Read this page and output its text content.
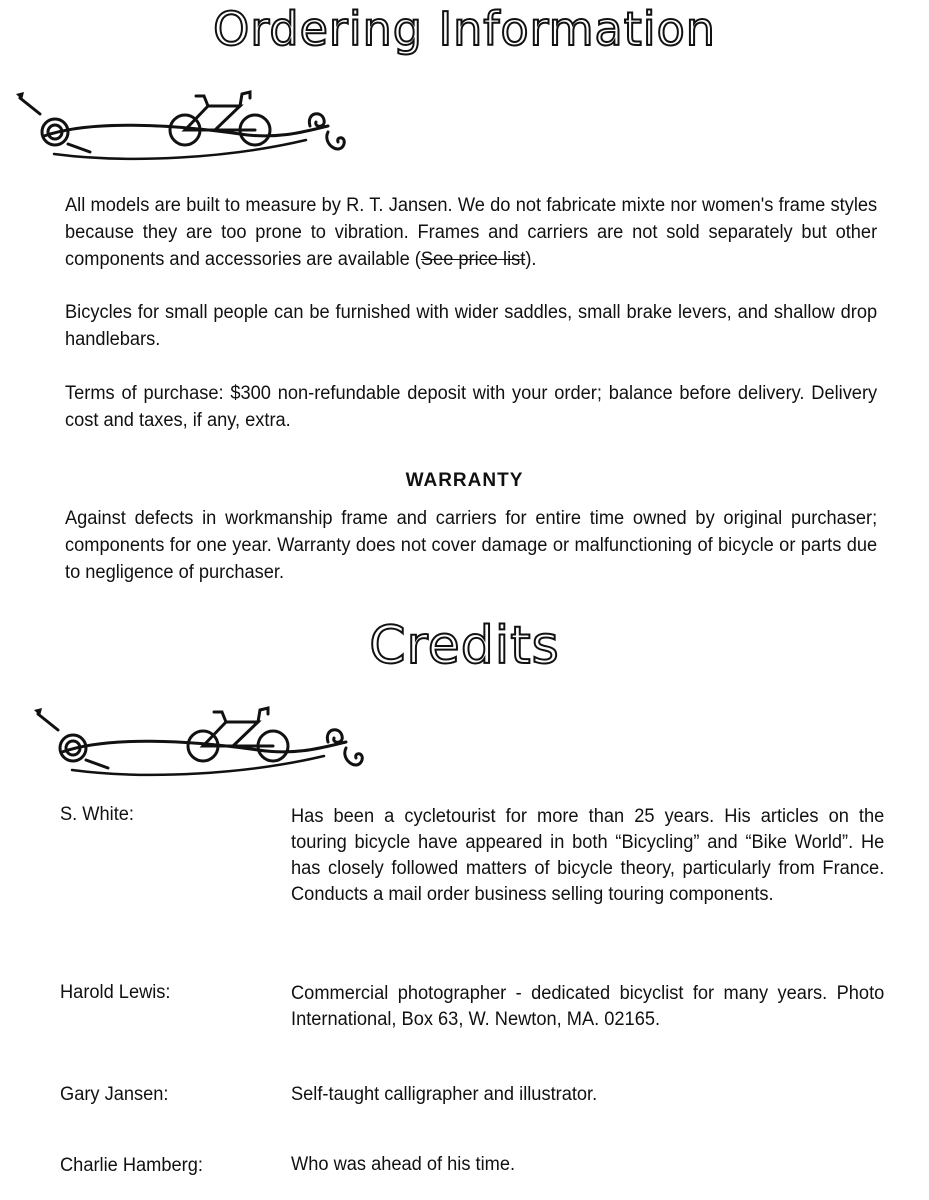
Ordering Information

All models are built to measure by R. T. Jansen. We do not fabricate mixte nor women's frame styles because they are too prone to vibration. Frames and carriers are not sold separately but other components and accessories are available (See price list).

Bicycles for small people can be furnished with wider saddles, small brake levers, and shallow drop handlebars.

Terms of purchase: $300 non-refundable deposit with your order; balance before delivery. Delivery cost and taxes, if any, extra.

WARRANTY

Against defects in workmanship frame and carriers for entire time owned by original purchaser; components for one year. Warranty does not cover damage or malfunctioning of bicycle or parts due to negligence of purchaser.

Credits
S. White:	Has been a cycletourist for more than 25 years. His articles on the touring bicycle have appeared in both “Bicycling” and “Bike World”. He has closely followed matters of bicycle theory, particularly from France. Conducts a mail order business selling touring components.

Harold Lewis:	Commercial photographer - dedicated bicyclist for many years. Photo International, Box 63, W. Newton, MA. 02165.

Gary Jansen:	Self-taught calligrapher and illustrator.

Charlie Hamberg:	Who was ahead of his time.
